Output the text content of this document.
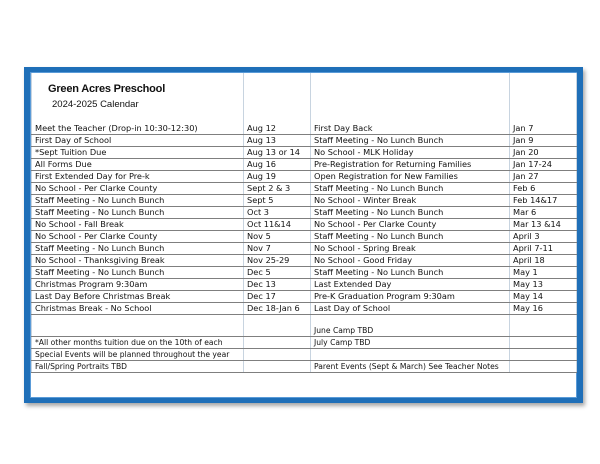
Green Acres Preschool			
2024-2025 Calendar			

Meet the Teacher (Drop-in 10:30-12:30)	Aug 12	First Day Back	Jan 7
First Day of School	Aug 13	Staff Meeting - No Lunch Bunch	Jan 9
*Sept Tuition Due	Aug 13 or 14	No School - MLK Holiday	Jan 20
All Forms Due	Aug 16	Pre-Registration for Returning Families	Jan 17-24
First Extended Day for Pre-k	Aug 19	Open Registration for New Families	Jan 27
No School - Per Clarke County	Sept 2 & 3	Staff Meeting - No Lunch Bunch	Feb 6
Staff Meeting - No Lunch Bunch	Sept 5	No School - Winter Break	Feb 14&17
Staff Meeting - No Lunch Bunch	Oct 3	Staff Meeting - No Lunch Bunch	Mar 6
No School - Fall Break	Oct 11&14	No School - Per Clarke County	Mar 13 &14
No School - Per Clarke County	Nov 5	Staff Meeting - No Lunch Bunch	April 3
Staff Meeting - No Lunch Bunch	Nov 7	No School - Spring Break	April 7-11
No School - Thanksgiving Break	Nov 25-29	No School - Good Friday	April 18
Staff Meeting - No Lunch Bunch	Dec 5	Staff Meeting - No Lunch Bunch	May 1
Christmas Program 9:30am	Dec 13	Last Extended Day	May 13
Last Day Before Christmas Break	Dec 17	Pre-K Graduation Program 9:30am	May 14
Christmas Break - No School	Dec 18-Jan 6	Last Day of School	May 16

		June Camp TBD	
*All other months tuition due on the 10th of each		July Camp TBD	
Special Events will be planned throughout the year			
Fall/Spring Portraits TBD		Parent Events (Sept & March) See Teacher Notes	
